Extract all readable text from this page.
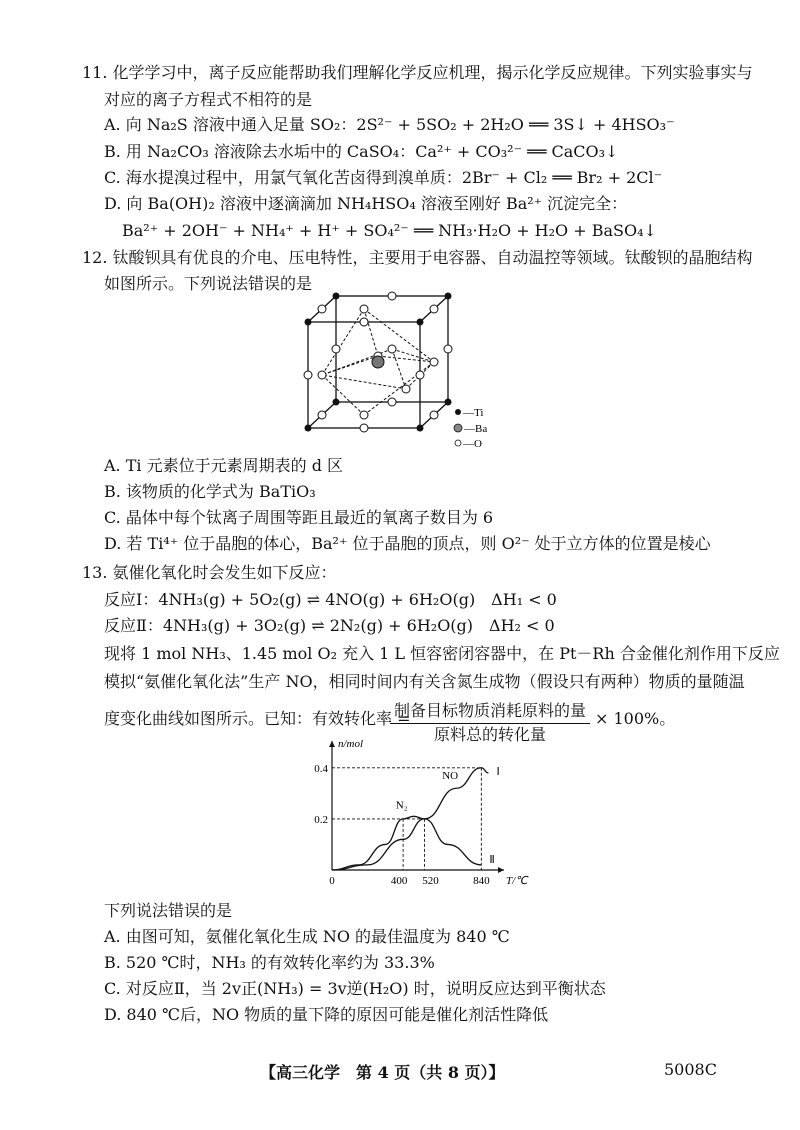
11. 化学学习中，离子反应能帮助我们理解化学反应机理，揭示化学反应规律。下列实验事实与
对应的离子方程式不相符的是
A. 向 Na₂S 溶液中通入足量 SO₂：2S²⁻ + 5SO₂ + 2H₂O ══ 3S↓ + 4HSO₃⁻
B. 用 Na₂CO₃ 溶液除去水垢中的 CaSO₄：Ca²⁺ + CO₃²⁻ ══ CaCO₃↓
C. 海水提溴过程中，用氯气氧化苦卤得到溴单质：2Br⁻ + Cl₂ ══ Br₂ + 2Cl⁻
D. 向 Ba(OH)₂ 溶液中逐滴滴加 NH₄HSO₄ 溶液至刚好 Ba²⁺ 沉淀完全：
Ba²⁺ + 2OH⁻ + NH₄⁺ + H⁺ + SO₄²⁻ ══ NH₃·H₂O + H₂O + BaSO₄↓
12. 钛酸钡具有优良的介电、压电特性，主要用于电容器、自动温控等领域。钛酸钡的晶胞结构
如图所示。下列说法错误的是
—Ti
—Ba
—O
A. Ti 元素位于元素周期表的 d 区
B. 该物质的化学式为 BaTiO₃
C. 晶体中每个钛离子周围等距且最近的氧离子数目为 6
D. 若 Ti⁴⁺ 位于晶胞的体心，Ba²⁺ 位于晶胞的顶点，则 O²⁻ 处于立方体的位置是棱心
13. 氨催化氧化时会发生如下反应：
反应Ⅰ：4NH₃(g) + 5O₂(g) ⇌ 4NO(g) + 6H₂O(g)　ΔH₁ < 0
反应Ⅱ：4NH₃(g) + 3O₂(g) ⇌ 2N₂(g) + 6H₂O(g)　ΔH₂ < 0
现将 1 mol NH₃、1.45 mol O₂ 充入 1 L 恒容密闭容器中，在 Pt－Rh 合金催化剂作用下反应
模拟“氨催化氧化法”生产 NO，相同时间内有关含氮生成物（假设只有两种）物质的量随温
度变化曲线如图所示。已知：有效转化率 =
制备目标物质消耗原料的量
原料总的转化量
× 100%。
n/mol
T/℃
0.2
0.4
0	400 520	840
Ⅰ
Ⅱ
N₂
NO
下列说法错误的是
A. 由图可知，氨催化氧化生成 NO 的最佳温度为 840 ℃
B. 520 ℃时，NH₃ 的有效转化率约为 33.3%
C. 对反应Ⅱ，当 2v正(NH₃) = 3v逆(H₂O) 时，说明反应达到平衡状态
D. 840 ℃后，NO 物质的量下降的原因可能是催化剂活性降低
【高三化学　第 4 页（共 8 页）】	5008C
